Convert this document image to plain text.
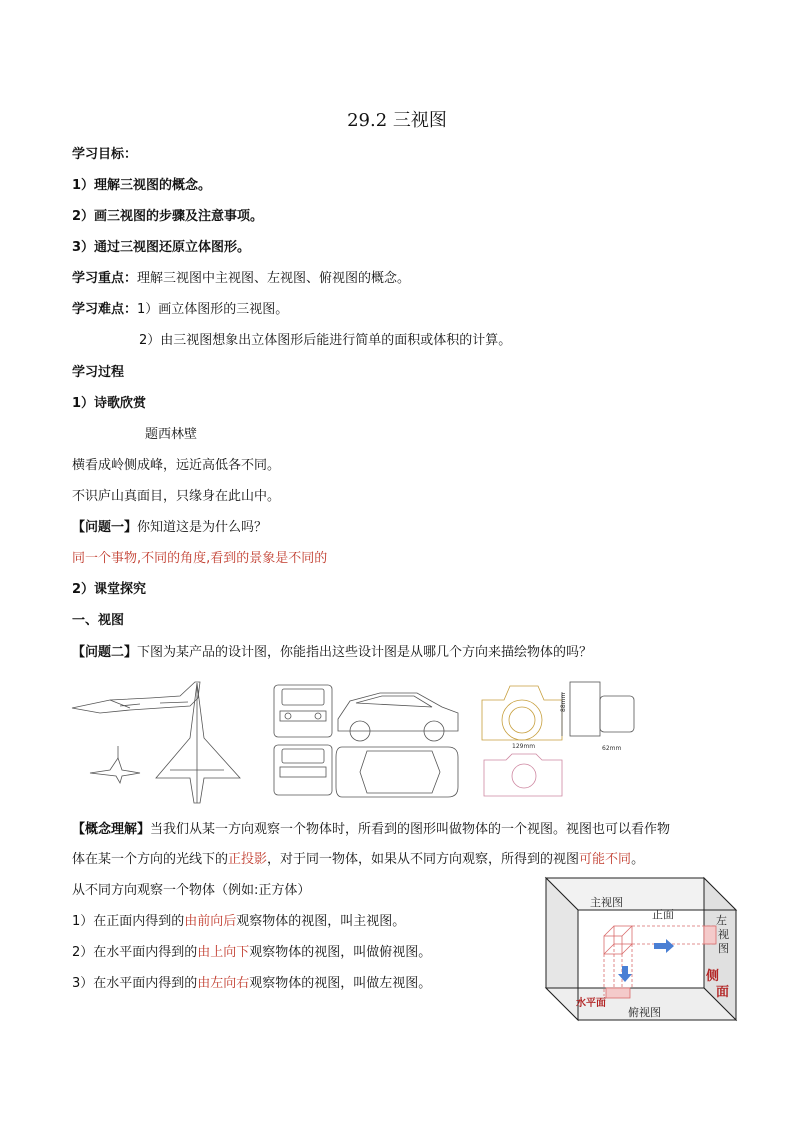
29.2 三视图
学习目标：
1）理解三视图的概念。
2）画三视图的步骤及注意事项。
3）通过三视图还原立体图形。
学习重点：理解三视图中主视图、左视图、俯视图的概念。
学习难点：1）画立体图形的三视图。
2）由三视图想象出立体图形后能进行简单的面积或体积的计算。
学习过程
1）诗歌欣赏
题西林壁
横看成岭侧成峰，远近高低各不同。
不识庐山真面目，只缘身在此山中。
【问题一】你知道这是为什么吗？
同一个事物,不同的角度,看到的景象是不同的
2）课堂探究
一、视图
【问题二】下图为某产品的设计图，你能指出这些设计图是从哪几个方向来描绘物体的吗？
129mm	62mm
88mm
【概念理解】当我们从某一方向观察一个物体时，所看到的图形叫做物体的一个视图。视图也可以看作物
体在某一个方向的光线下的正投影，对于同一物体，如果从不同方向观察，所得到的视图可能不同。
从不同方向观察一个物体（例如:正方体）
1）在正面内得到的由前向后观察物体的视图，叫主视图。
2）在水平面内得到的由上向下观察物体的视图，叫做俯视图。
3）在水平面内得到的由左向右观察物体的视图，叫做左视图。
主视图
正面	左
视
图
侧
面
水平面
俯视图
